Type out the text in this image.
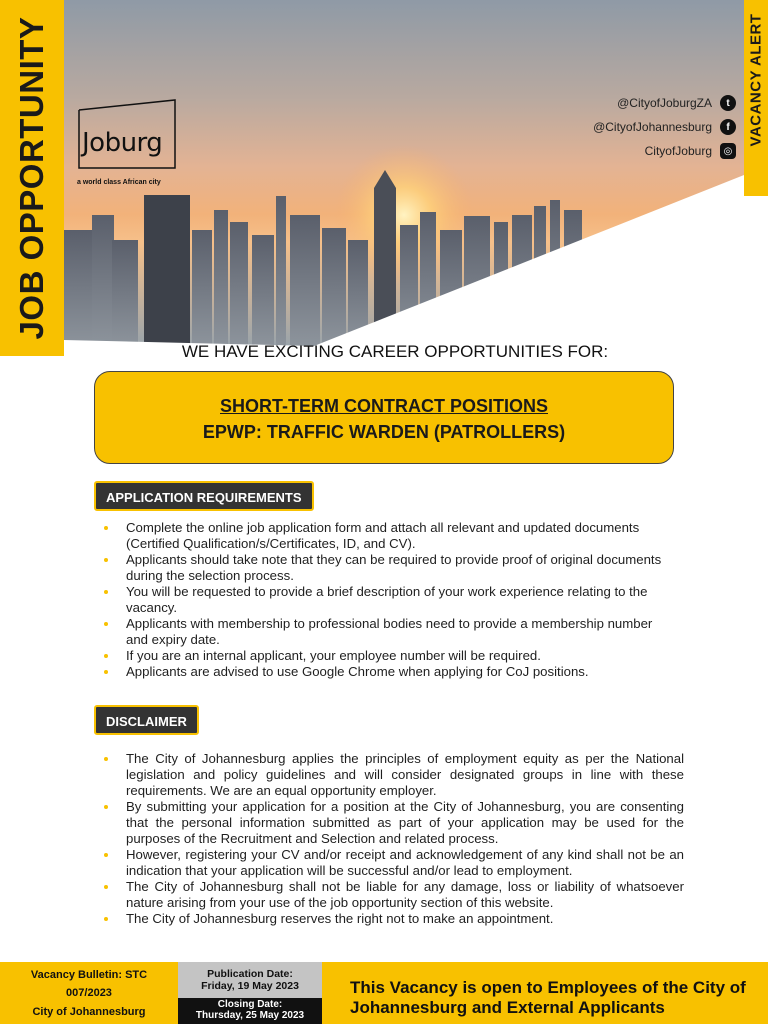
JOB OPPORTUNITY	VACANCY ALERT
Joburg
a world class African city
@CityofJoburgZA	t
@CityofJohannesburg	f
CityofJoburg	◎
WE HAVE EXCITING CAREER OPPORTUNITIES FOR:
SHORT-TERM CONTRACT POSITIONS
EPWP: TRAFFIC WARDEN (PATROLLERS)
APPLICATION REQUIREMENTS
Complete the online job application form and attach all relevant and updated documents (Certified Qualification/s/Certificates, ID, and CV).
Applicants should take note that they can be required to provide proof of original documents during the selection process.
You will be requested to provide a brief description of your work experience relating to the vacancy.
Applicants with membership to professional bodies need to provide a membership number and expiry date.
If you are an internal applicant, your employee number will be required.
Applicants are advised to use Google Chrome when applying for CoJ positions.
DISCLAIMER
The City of Johannesburg applies the principles of employment equity as per the National legislation and policy guidelines and will consider designated groups in line with these requirements. We are an equal opportunity employer.
By submitting your application for a position at the City of Johannesburg, you are consenting that the personal information submitted as part of your application may be used for the purposes of the Recruitment and Selection and related process.
However, registering your CV and/or receipt and acknowledgement of any kind shall not be an indication that your application will be successful and/or lead to employment.
The City of Johannesburg shall not be liable for any damage, loss or liability of whatsoever nature arising from your use of the job opportunity section of this website.
The City of Johannesburg reserves the right not to make an appointment.
Vacancy Bulletin: STC
007/2023
City of Johannesburg
Publication Date:
Friday, 19 May 2023
Closing Date:
Thursday, 25 May 2023
This Vacancy is open to Employees of the City of Johannesburg and External Applicants
